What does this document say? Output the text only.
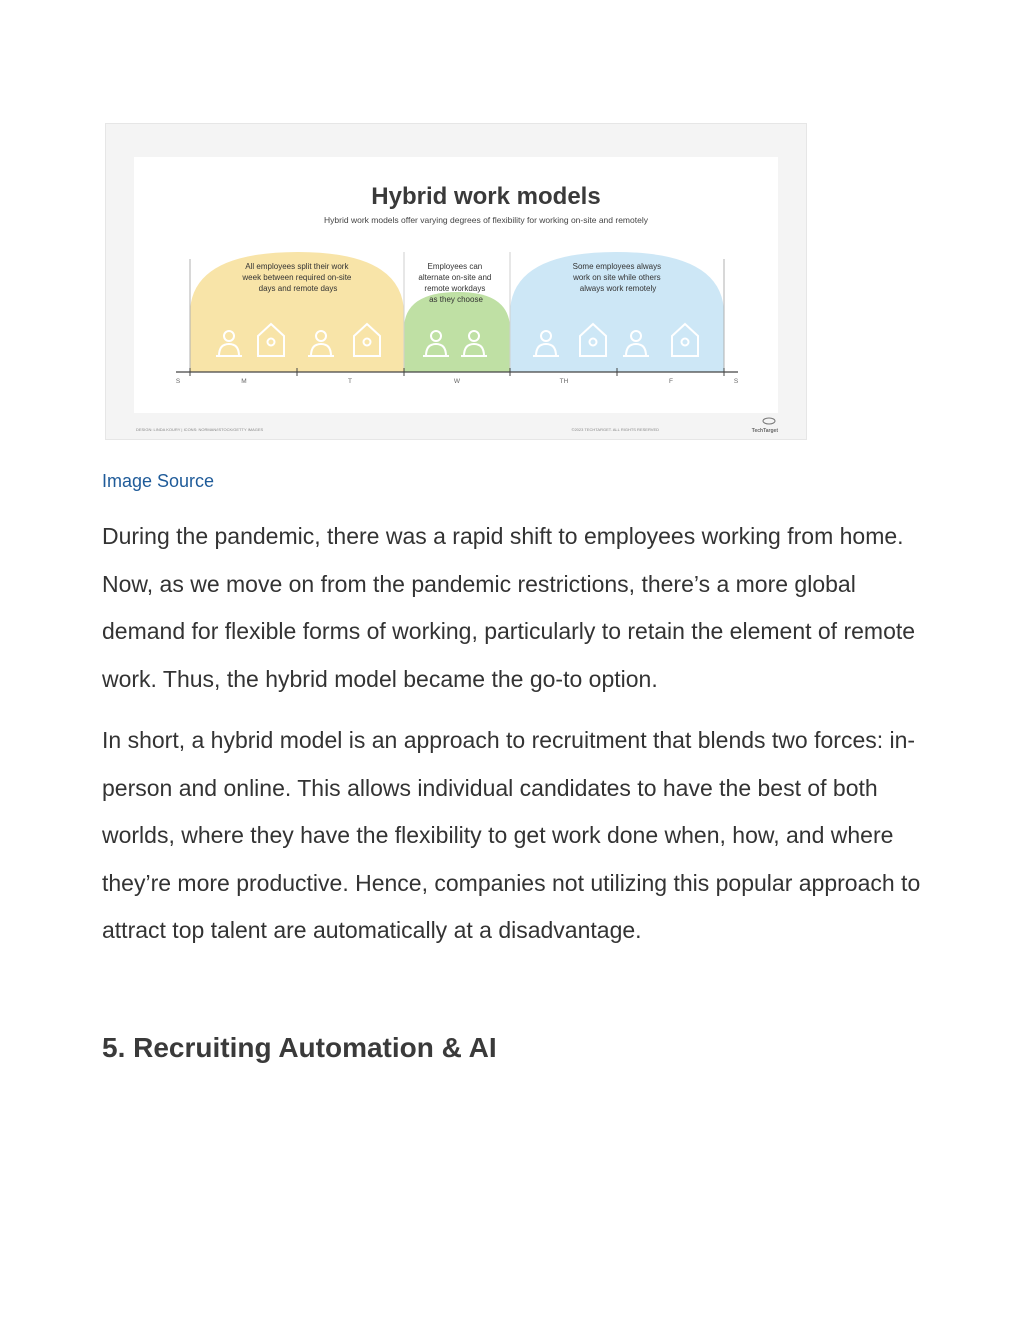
Hybrid work models
Hybrid work models offer varying degrees of flexibility for working on-site and remotely
All employees split their work week between required on-site days and remote days
Employees can alternate on-site and remote workdays as they choose
Some employees always work on site while others always work remotely
S	M	T	W	TH	F	S
DESIGN: LINDA KOURY | ICONS: NORMAN/ISTOCK/GETTY IMAGES	©2023 TECHTARGET. ALL RIGHTS RESERVED	TechTarget
Image Source

During the pandemic, there was a rapid shift to employees working from home. Now, as we move on from the pandemic restrictions, there’s a more global demand for flexible forms of working, particularly to retain the element of remote work. Thus, the hybrid model became the go-to option.

In short, a hybrid model is an approach to recruitment that blends two forces: in-person and online. This allows individual candidates to have the best of both worlds, where they have the flexibility to get work done when, how, and where they’re more productive. Hence, companies not utilizing this popular approach to attract top talent are automatically at a disadvantage.

5. Recruiting Automation & AI
